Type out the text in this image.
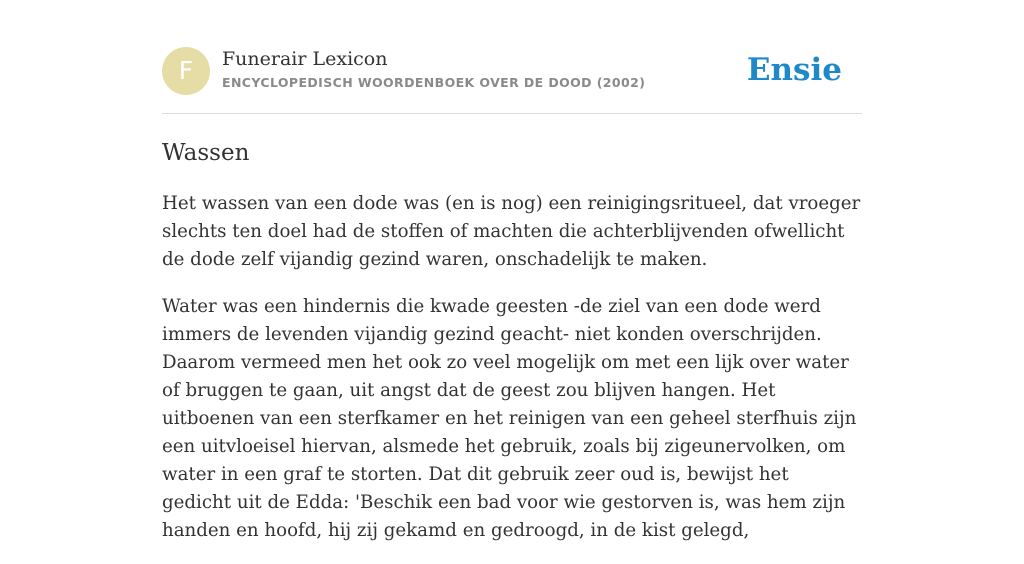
F	Funerair Lexicon
ENCYCLOPEDISCH WOORDENBOEK OVER DE DOOD (2002)	Ensie
Wassen

Het wassen van een dode was (en is nog) een reinigingsritueel, dat vroeger slechts ten doel had de stoffen of machten die achterblijvenden ofwellicht de dode zelf vijandig gezind waren, onschadelijk te maken.

Water was een hindernis die kwade geesten -de ziel van een dode werd immers de levenden vijandig gezind geacht- niet konden overschrijden. Daarom vermeed men het ook zo veel mogelijk om met een lijk over water of bruggen te gaan, uit angst dat de geest zou blijven hangen. Het uitboenen van een sterfkamer en het reinigen van een geheel sterfhuis zijn een uitvloeisel hiervan, alsmede het gebruik, zoals bij zigeunervolken, om water in een graf te storten. Dat dit gebruik zeer oud is, bewijst het gedicht uit de Edda: 'Beschik een bad voor wie gestorven is, was hem zijn handen en hoofd, hij zij gekamd en gedroogd, in de kist gelegd,
